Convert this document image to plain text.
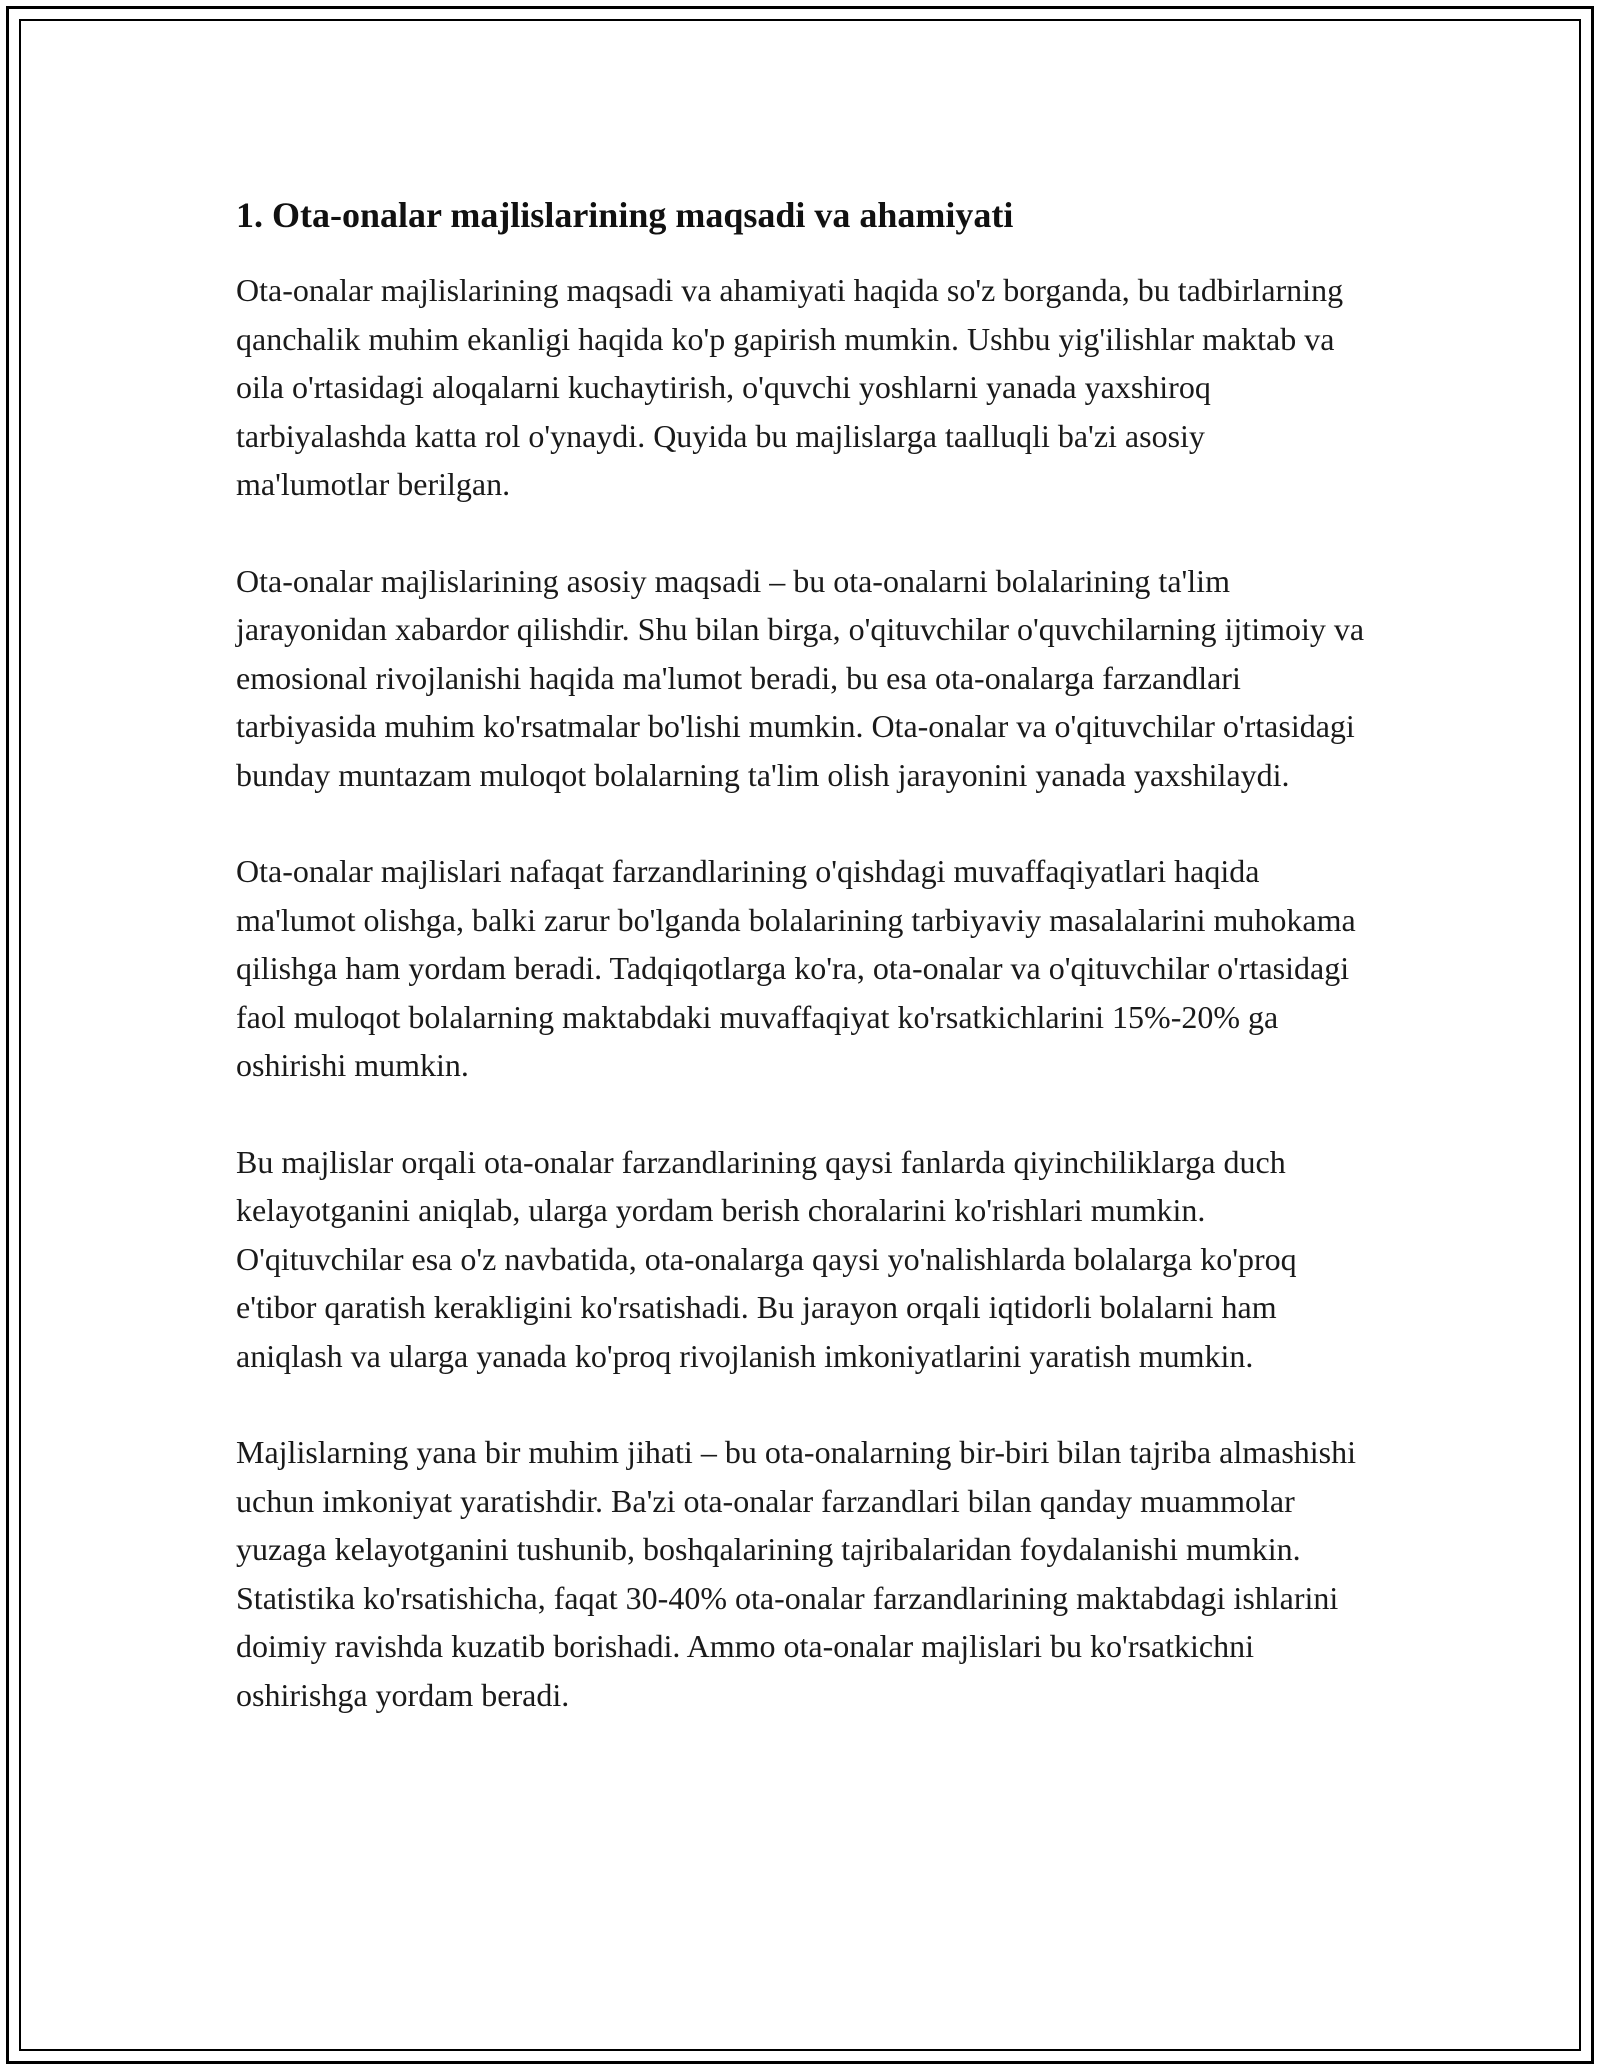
1. Ota-onalar majlislarining maqsadi va ahamiyati

Ota-onalar majlislarining maqsadi va ahamiyati haqida so'z borganda, bu tadbirlarning qanchalik muhim ekanligi haqida ko'p gapirish mumkin. Ushbu yig'ilishlar maktab va oila o'rtasidagi aloqalarni kuchaytirish, o'quvchi yoshlarni yanada yaxshiroq tarbiyalashda katta rol o'ynaydi. Quyida bu majlislarga taalluqli ba'zi asosiy ma'lumotlar berilgan.

Ota-onalar majlislarining asosiy maqsadi – bu ota-onalarni bolalarining ta'lim jarayonidan xabardor qilishdir. Shu bilan birga, o'qituvchilar o'quvchilarning ijtimoiy va emosional rivojlanishi haqida ma'lumot beradi, bu esa ota-onalarga farzandlari tarbiyasida muhim ko'rsatmalar bo'lishi mumkin. Ota-onalar va o'qituvchilar o'rtasidagi bunday muntazam muloqot bolalarning ta'lim olish jarayonini yanada yaxshilaydi.

Ota-onalar majlislari nafaqat farzandlarining o'qishdagi muvaffaqiyatlari haqida ma'lumot olishga, balki zarur bo'lganda bolalarining tarbiyaviy masalalarini muhokama qilishga ham yordam beradi. Tadqiqotlarga ko'ra, ota-onalar va o'qituvchilar o'rtasidagi faol muloqot bolalarning maktabdaki muvaffaqiyat ko'rsatkichlarini 15%-20% ga oshirishi mumkin.

Bu majlislar orqali ota-onalar farzandlarining qaysi fanlarda qiyinchiliklarga duch kelayotganini aniqlab, ularga yordam berish choralarini ko'rishlari mumkin. O'qituvchilar esa o'z navbatida, ota-onalarga qaysi yo'nalishlarda bolalarga ko'proq e'tibor qaratish kerakligini ko'rsatishadi. Bu jarayon orqali iqtidorli bolalarni ham aniqlash va ularga yanada ko'proq rivojlanish imkoniyatlarini yaratish mumkin.

Majlislarning yana bir muhim jihati – bu ota-onalarning bir-biri bilan tajriba almashishi uchun imkoniyat yaratishdir. Ba'zi ota-onalar farzandlari bilan qanday muammolar yuzaga kelayotganini tushunib, boshqalarining tajribalaridan foydalanishi mumkin. Statistika ko'rsatishicha, faqat 30-40% ota-onalar farzandlarining maktabdagi ishlarini doimiy ravishda kuzatib borishadi. Ammo ota-onalar majlislari bu ko'rsatkichni oshirishga yordam beradi.
